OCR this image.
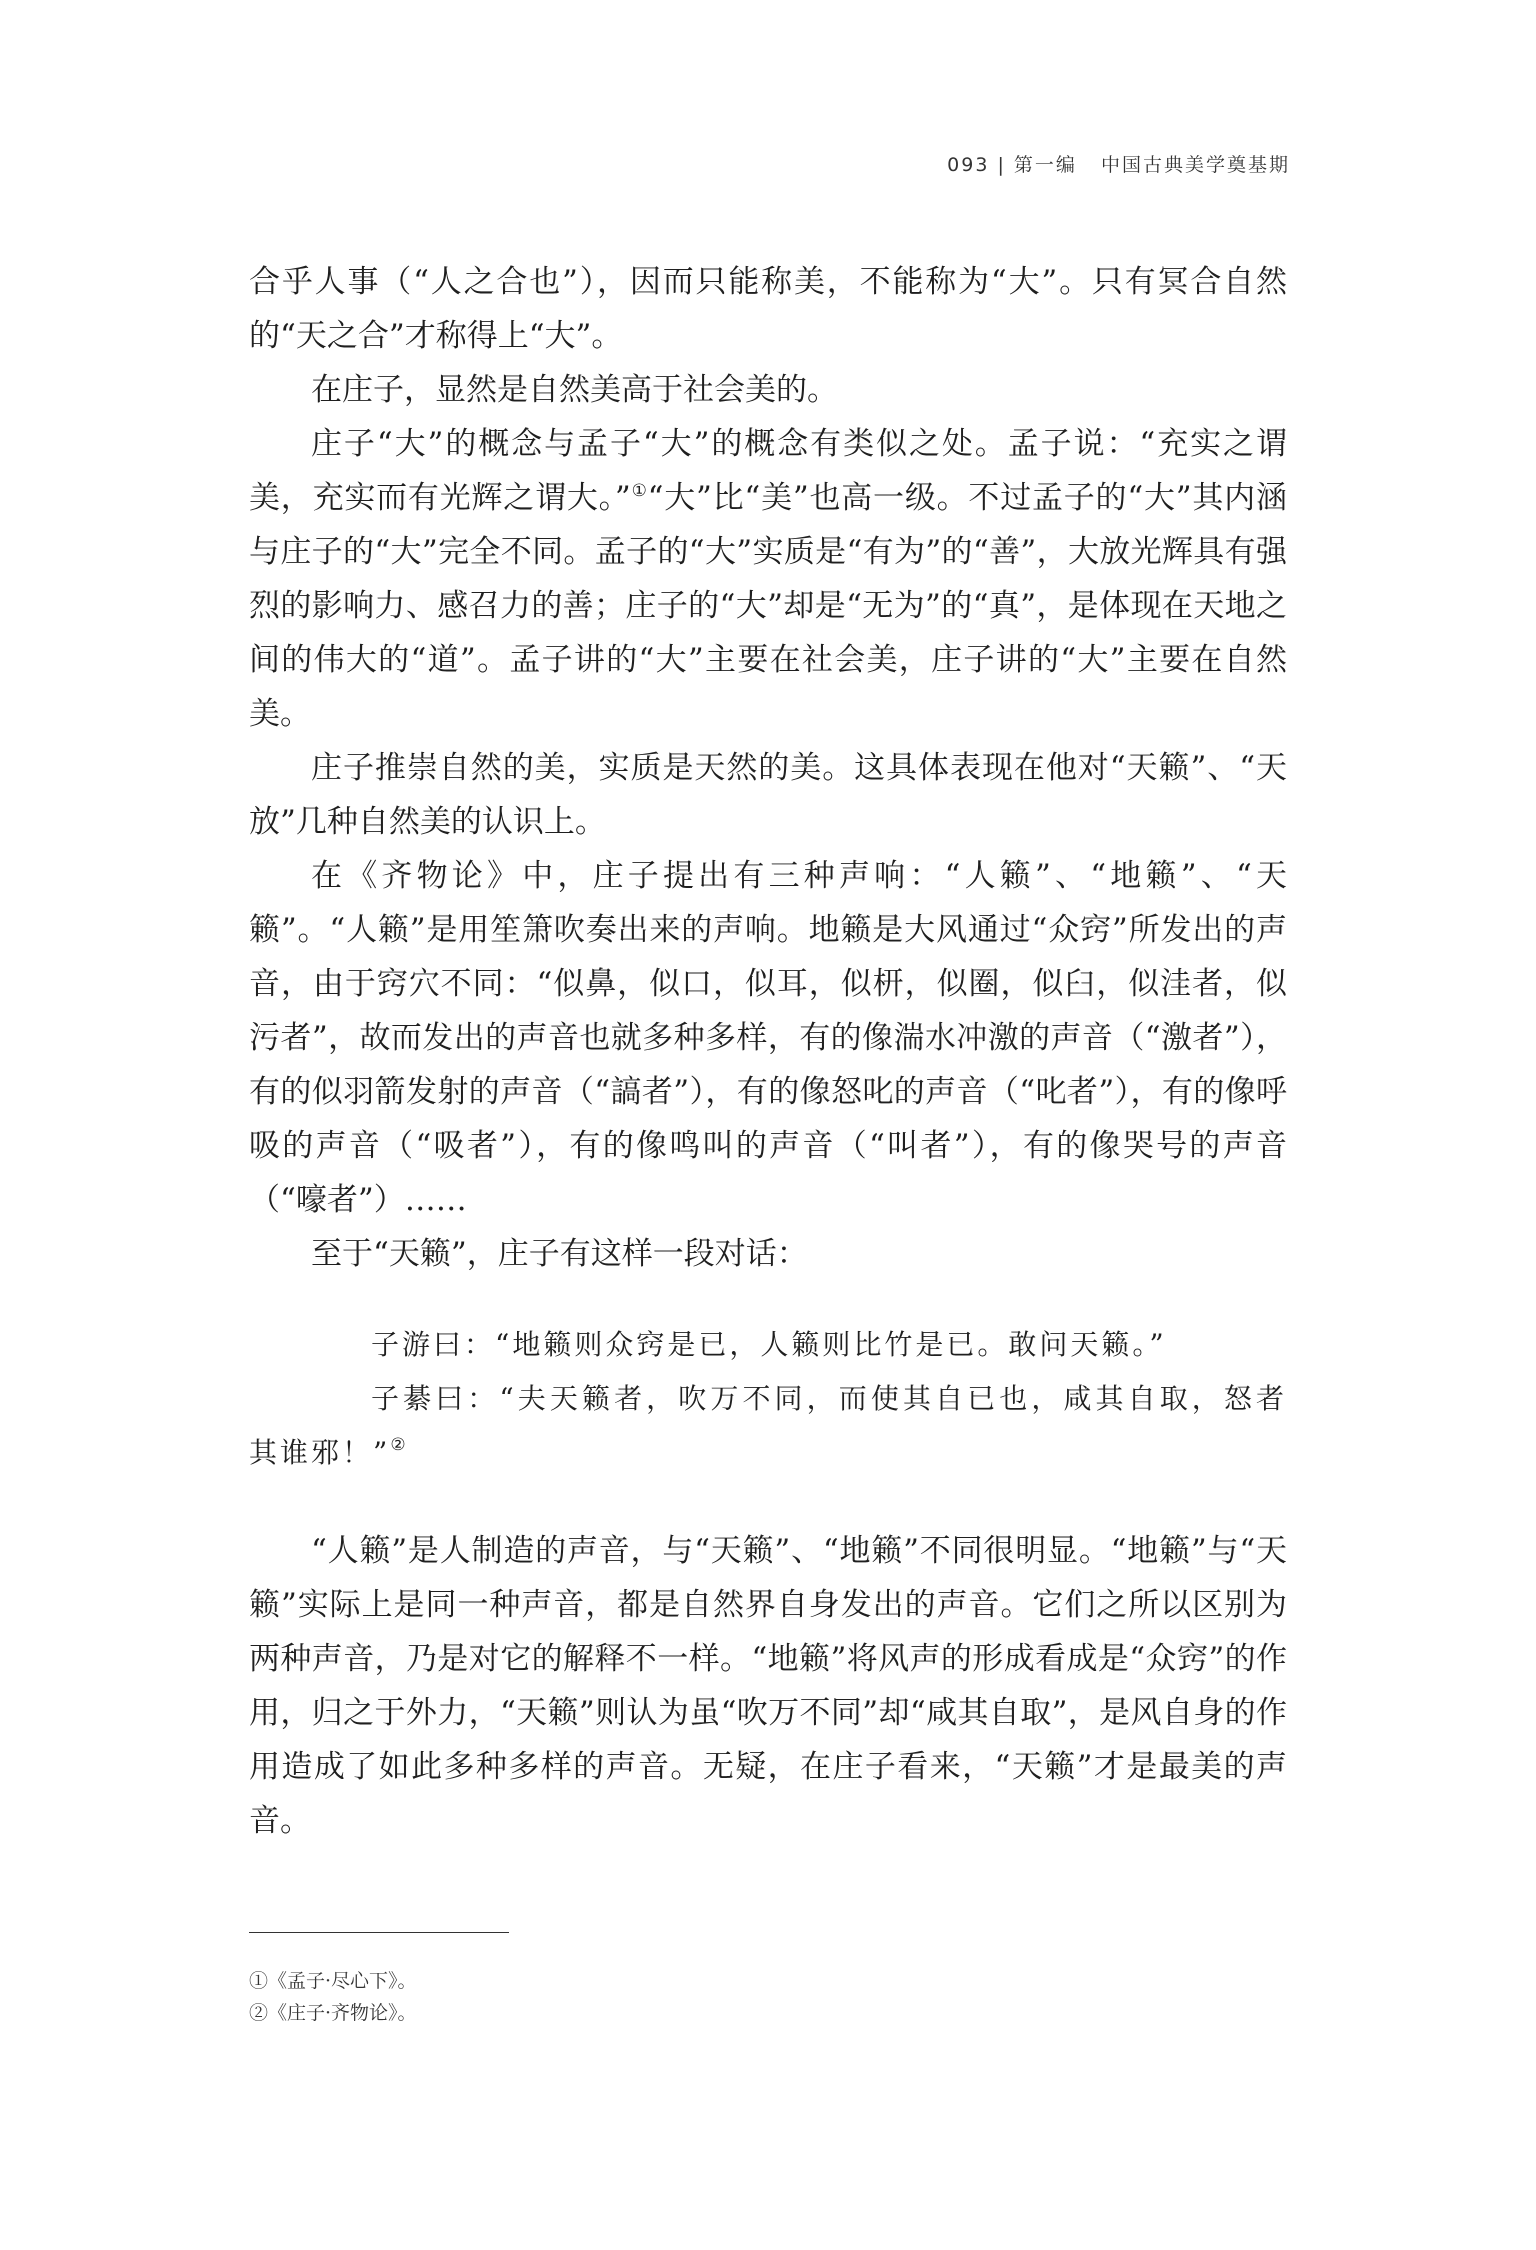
093 | 第一编 中国古典美学奠基期

合乎人事（“人之合也”），因而只能称美，不能称为“大”。只有冥合自然的“天之合”才称得上“大”。

在庄子，显然是自然美高于社会美的。

庄子“大”的概念与孟子“大”的概念有类似之处。孟子说：“充实之谓美，充实而有光辉之谓大。”①“大”比“美”也高一级。不过孟子的“大”其内涵与庄子的“大”完全不同。孟子的“大”实质是“有为”的“善”，大放光辉具有强烈的影响力、感召力的善；庄子的“大”却是“无为”的“真”，是体现在天地之间的伟大的“道”。孟子讲的“大”主要在社会美，庄子讲的“大”主要在自然美。

庄子推崇自然的美，实质是天然的美。这具体表现在他对“天籁”、“天放”几种自然美的认识上。

在《齐物论》中，庄子提出有三种声响：“人籁”、“地籁”、“天籁”。“人籁”是用笙箫吹奏出来的声响。地籁是大风通过“众窍”所发出的声音，由于窍穴不同：“似鼻，似口，似耳，似枅，似圈，似臼，似洼者，似污者”，故而发出的声音也就多种多样，有的像湍水冲激的声音（“激者”），有的似羽箭发射的声音（“謞者”），有的像怒叱的声音（“叱者”），有的像呼吸的声音（“吸者”），有的像鸣叫的声音（“叫者”），有的像哭号的声音（“嚎者”）……

至于“天籁”，庄子有这样一段对话：

子游曰：“地籁则众窍是已，人籁则比竹是已。敢问天籁。”

子綦曰：“夫天籁者，吹万不同，而使其自已也，咸其自取，怒者其谁邪！”②

“人籁”是人制造的声音，与“天籁”、“地籁”不同很明显。“地籁”与“天籁”实际上是同一种声音，都是自然界自身发出的声音。它们之所以区别为两种声音，乃是对它的解释不一样。“地籁”将风声的形成看成是“众窍”的作用，归之于外力，“天籁”则认为虽“吹万不同”却“咸其自取”，是风自身的作用造成了如此多种多样的声音。无疑，在庄子看来，“天籁”才是最美的声音。

①《孟子·尽心下》。
②《庄子·齐物论》。
